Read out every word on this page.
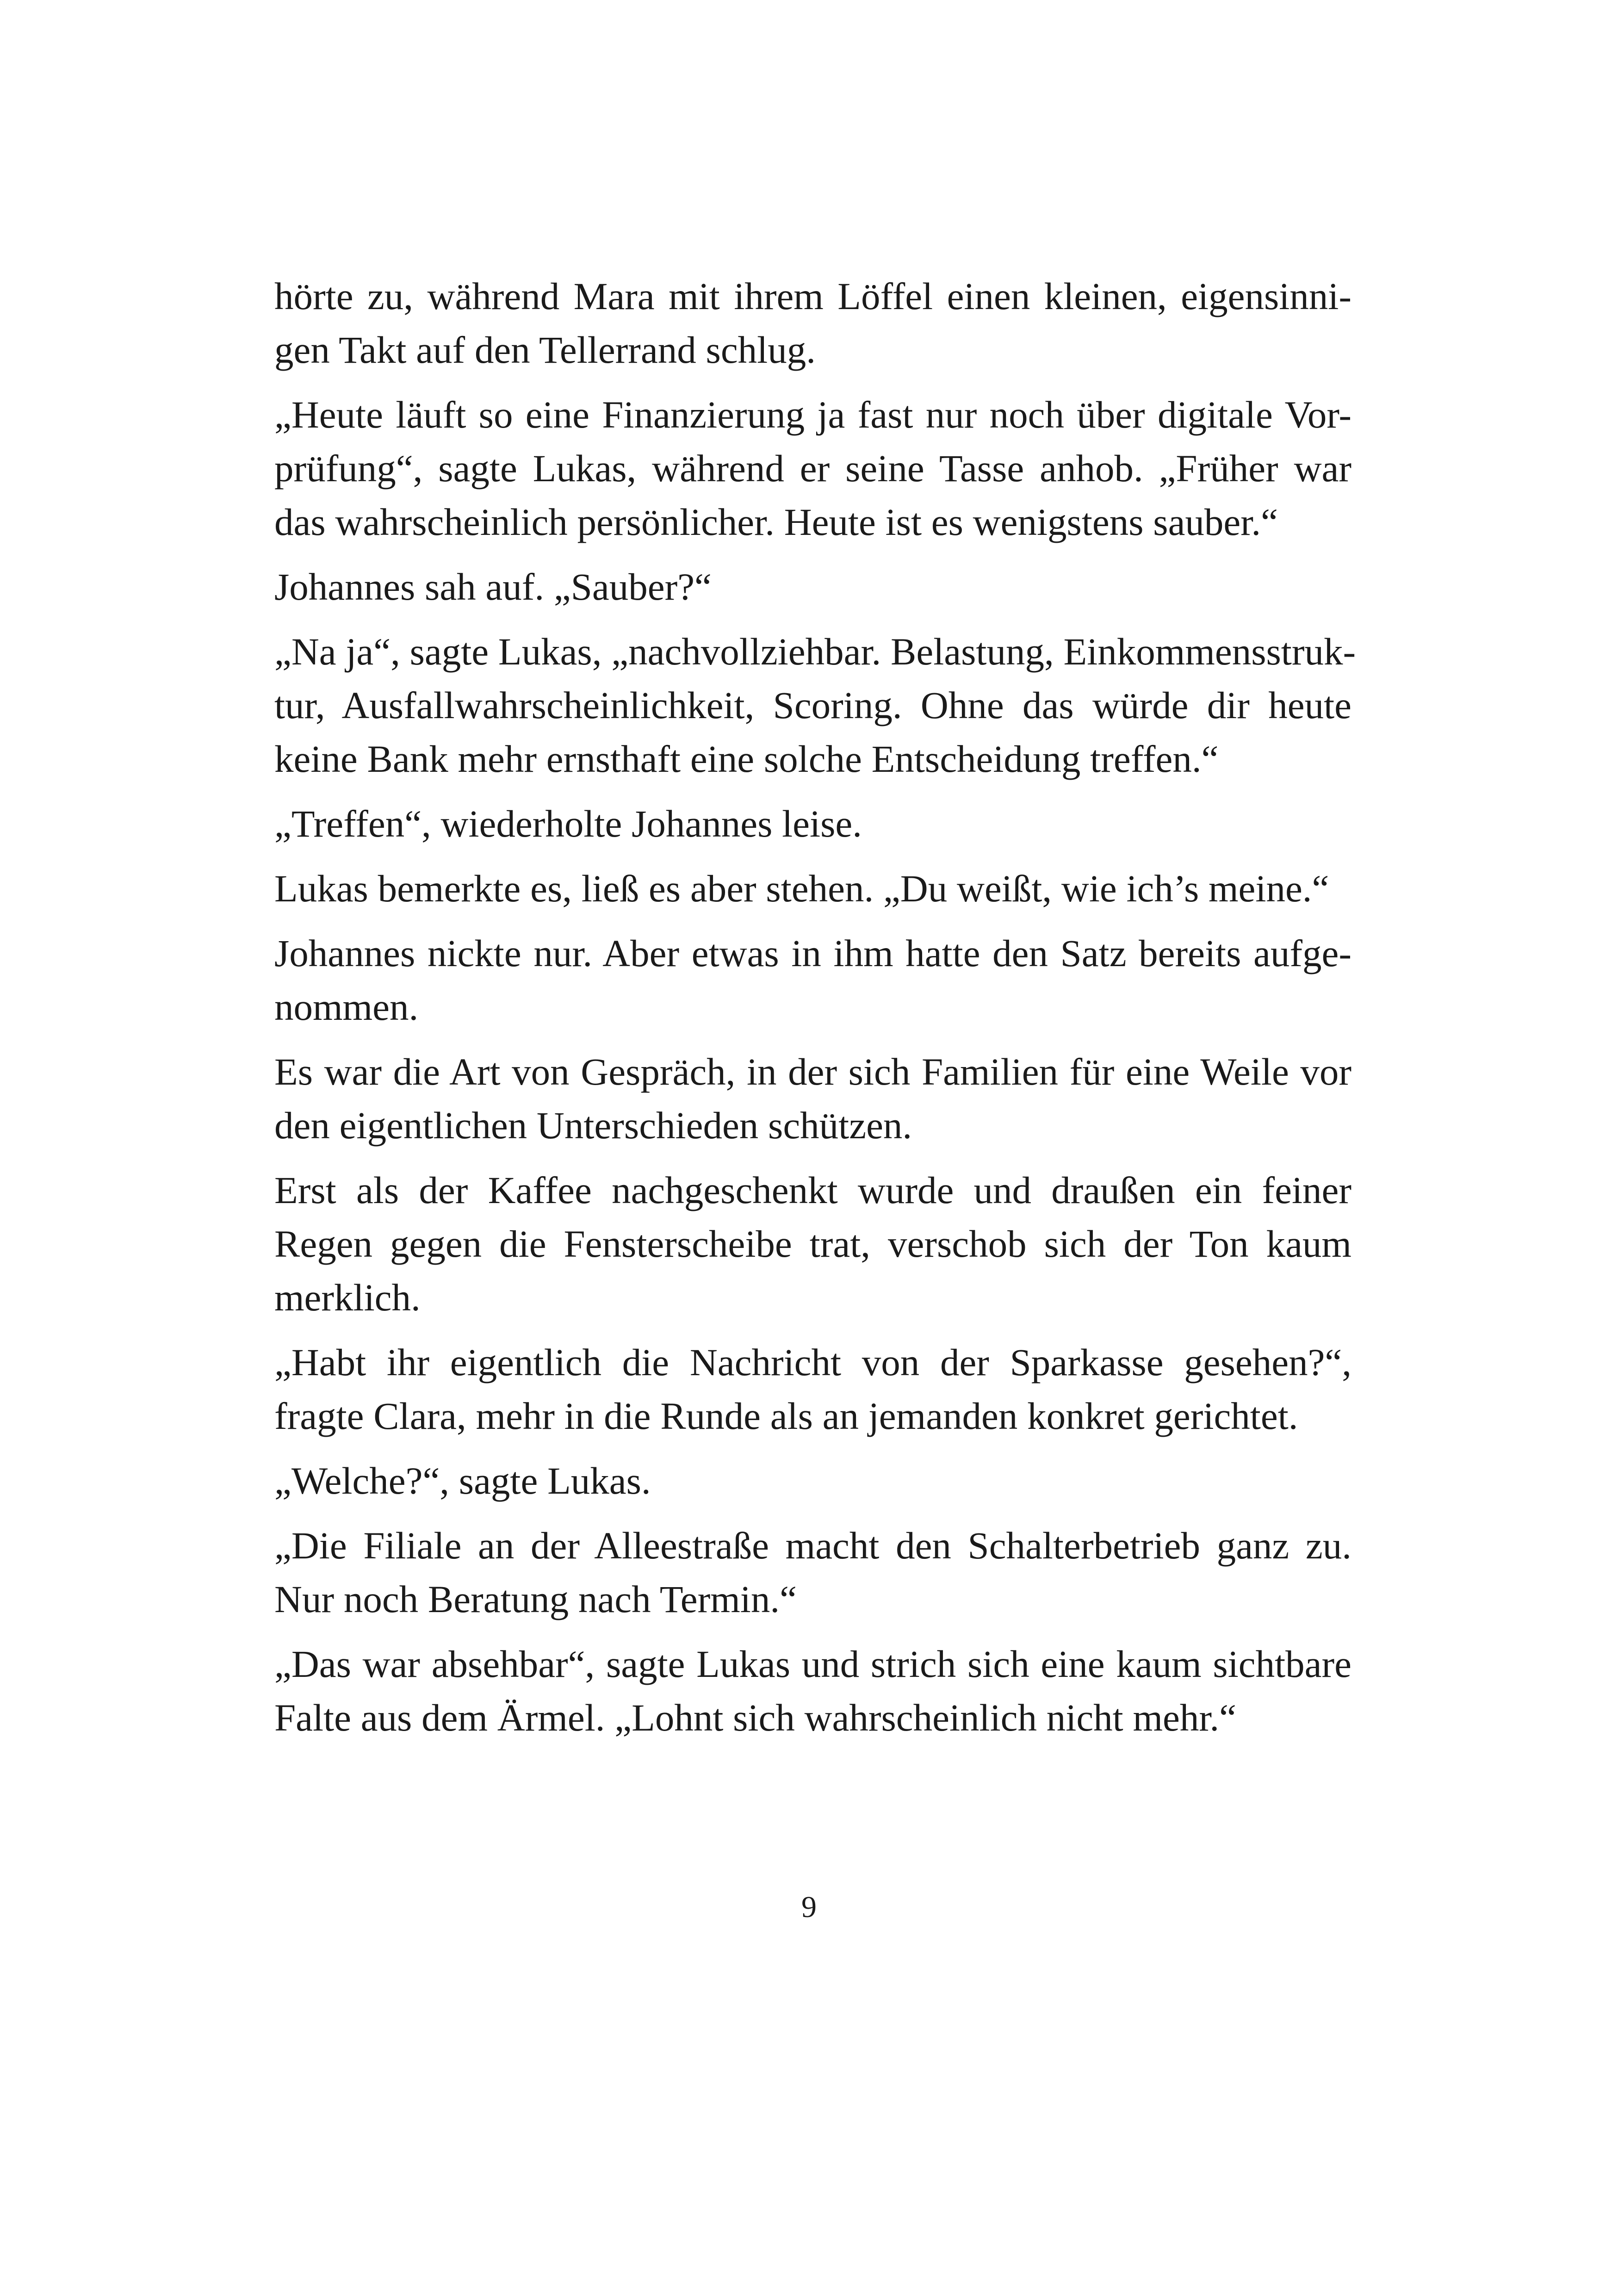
hörte zu, während Mara mit ihrem Löffel einen kleinen, eigensinni-
gen Takt auf den Tellerrand schlug.

„Heute läuft so eine Finanzierung ja fast nur noch über digitale Vor-
prüfung“, sagte Lukas, während er seine Tasse anhob. „Früher war
das wahrscheinlich persönlicher. Heute ist es wenigstens sauber.“

Johannes sah auf. „Sauber?“

„Na ja“, sagte Lukas, „nachvollziehbar. Belastung, Einkommensstruk-
tur, Ausfallwahrscheinlichkeit, Scoring. Ohne das würde dir heute
keine Bank mehr ernsthaft eine solche Entscheidung treffen.“

„Treffen“, wiederholte Johannes leise.

Lukas bemerkte es, ließ es aber stehen. „Du weißt, wie ich’s meine.“

Johannes nickte nur. Aber etwas in ihm hatte den Satz bereits aufge-
nommen.

Es war die Art von Gespräch, in der sich Familien für eine Weile vor
den eigentlichen Unterschieden schützen.

Erst als der Kaffee nachgeschenkt wurde und draußen ein feiner
Regen gegen die Fensterscheibe trat, verschob sich der Ton kaum
merklich.

„Habt ihr eigentlich die Nachricht von der Sparkasse gesehen?“,
fragte Clara, mehr in die Runde als an jemanden konkret gerichtet.

„Welche?“, sagte Lukas.

„Die Filiale an der Alleestraße macht den Schalterbetrieb ganz zu.
Nur noch Beratung nach Termin.“

„Das war absehbar“, sagte Lukas und strich sich eine kaum sichtbare
Falte aus dem Ärmel. „Lohnt sich wahrscheinlich nicht mehr.“

9
